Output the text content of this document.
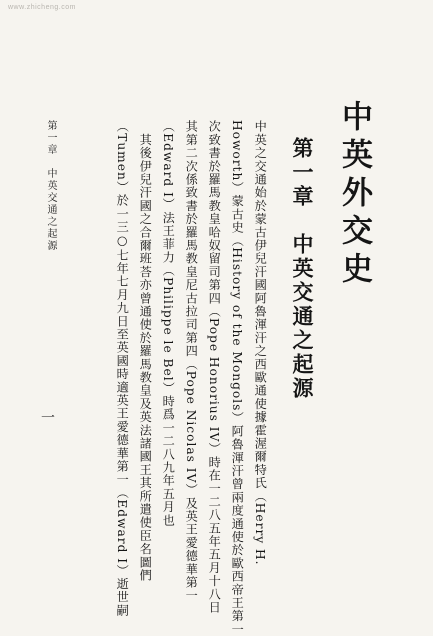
www.zhicheng.com
中英外交史
第一章　中英交通之起源
中英之交通始於蒙古伊兒汗國阿魯渾汗之西歐通使據霍渥爾特氏（Herry H.
Howorth）蒙古史（History of the Mongols）阿魯渾汗曾兩度通使於歐西帝王第一
次致書於羅馬教皇哈奴留司第四（Pope Honorius IV）時在一二八五年五月十八日
其第二次係致書於羅馬教皇尼古拉司第四（Pope Nicolas IV）及英王愛德華第一
（Edward I）法王菲力（Philippe le Bel）時爲一二八九年五月也
　其後伊兒汗國之合爾班荅亦曾通使於羅馬教皇及英法諸國王其所遣使臣名圖們
（Tumen）於一三○七年七月九日至英國時適英王愛德華第一（Edward I）逝世嗣
第一章　中英交通之起源
一
